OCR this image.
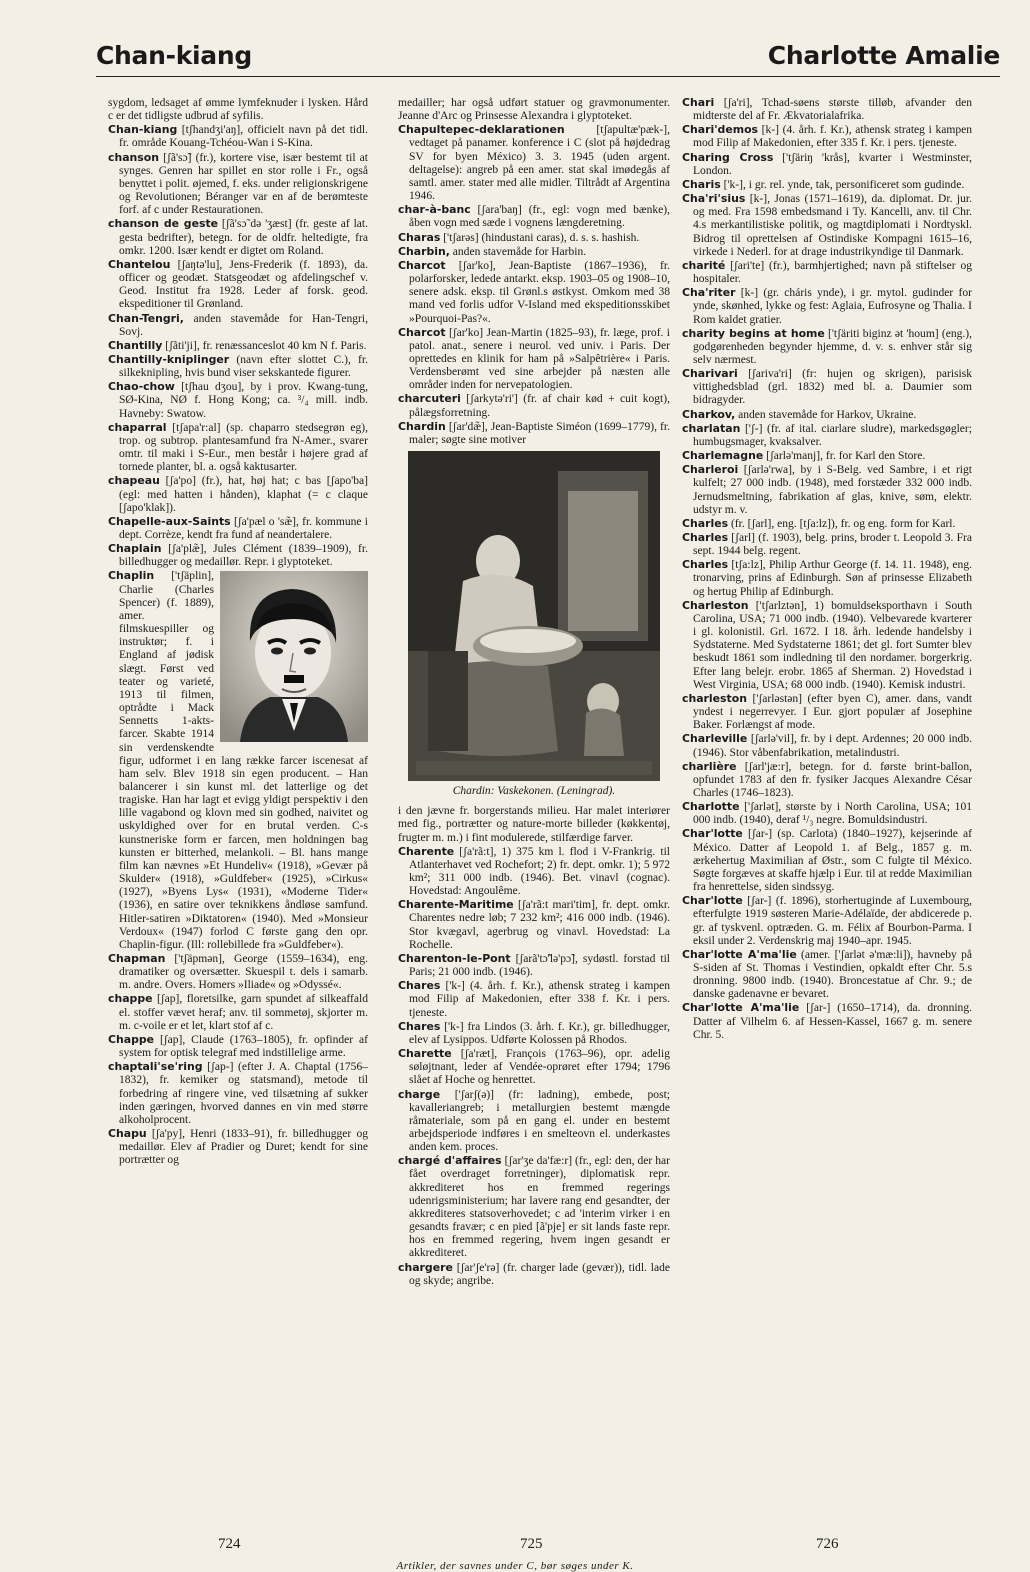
Chan-kiang	Charlotte Amalie

sygdom, ledsaget af ømme lymfeknuder i lysken. Hård c er det tidligste udbrud af syfilis.

Chan-kiang [tʃhandʒi'aŋ], officielt navn på det tidl. fr. område Kouang-Tchéou-Wan i S-Kina.

chanson [ʃã'sɔ̃] (fr.), kortere vise, især bestemt til at synges. Genren har spillet en stor rolle i Fr., også benyttet i polit. øjemed, f. eks. under religionskrigene og Revolutionen; Béranger var en af de berømteste forf. af c under Restaurationen.

chanson de geste [ʃã'sɔ̃ də 'ʒæst] (fr. geste af lat. gesta bedrifter), betegn. for de oldfr. heltedigte, fra omkr. 1200. Især kendt er digtet om Roland.

Chantelou [ʃaŋtə'lu], Jens-Frederik (f. 1893), da. officer og geodæt. Statsgeodæt og afdelingschef v. Geod. Institut fra 1928. Leder af forsk. geod. ekspeditioner til Grønland.

Chan-Tengri, anden stavemåde for Han-Tengri, Sovj.

Chantilly [ʃãti'ji], fr. renæssanceslot 40 km N f. Paris.

Chantilly-kniplinger (navn efter slottet C.), fr. silkeknipling, hvis bund viser sekskantede figurer.

Chao-chow [tʃhau dʒou], by i prov. Kwang-tung, SØ-Kina, NØ f. Hong Kong; ca. ³/₄ mill. indb. Havneby: Swatow.

chaparral [tʃapa'r:al] (sp. chaparro stedsegrøn eg), trop. og subtrop. plantesamfund fra N-Amer., svarer omtr. til maki i S-Eur., men består i højere grad af tornede planter, bl. a. også kaktusarter.

chapeau [ʃa'po] (fr.), hat, høj hat; c bas [ʃapo'ba] (egl: med hatten i hånden), klaphat (= c claque [ʃapo'klak]).

Chapelle-aux-Saints [ʃa'pæl o 'sæ̃], fr. kommune i dept. Corrèze, kendt fra fund af neandertalere.

Chaplain [ʃa'plæ̃], Jules Clément (1839–1909), fr. billedhugger og medaillør. Repr. i glyptoteket.

Chaplin ['tʃäplin], Charlie (Charles Spencer) (f. 1889), amer. filmskuespiller og instruktør; f. i England af jødisk slægt. Først ved teater og varieté, 1913 til filmen, optrådte i Mack Sennetts 1-akts-farcer. Skabte 1914 sin verdenskendte figur, udformet i en lang række farcer iscenesat af ham selv. Blev 1918 sin egen producent. – Han balancerer i sin kunst ml. det latterlige og det tragiske. Han har lagt et evigg yldigt perspektiv i den lille vagabond og klovn med sin godhed, naivitet og uskyldighed over for en brutal verden. C-s kunstneriske form er farcen, men holdningen bag kunsten er bitterhed, melankoli. – Bl. hans mange film kan nævnes »Et Hundeliv« (1918), »Gevær på Skulder« (1918), »Guldfeber« (1925), »Cirkus« (1927), »Byens Lys« (1931), «Moderne Tider« (1936), en satire over teknikkens åndløse samfund. Hitler-satiren »Diktatoren« (1940). Med »Monsieur Verdoux« (1947) forlod C første gang den opr. Chaplin-figur. (Ill: rollebillede fra »Guldfeber«).

Chapman ['tʃäpmən], George (1559–1634), eng. dramatiker og oversætter. Skuespil t. dels i samarb. m. andre. Overs. Homers »Iliade« og »Odyssé«.

chappe [ʃap], floretsilke, garn spundet af silkeaffald el. stoffer vævet heraf; anv. til sommetøj, skjorter m. m. c-voile er et let, klart stof af c.

Chappe [ʃap], Claude (1763–1805), fr. opfinder af system for optisk telegraf med indstillelige arme.

chaptali'se'ring [ʃap-] (efter J. A. Chaptal (1756–1832), fr. kemiker og statsmand), metode til forbedring af ringere vine, ved tilsætning af sukker inden gæringen, hvorved dannes en vin med større alkoholprocent.

Chapu [ʃa'py], Henri (1833–91), fr. billedhugger og medaillør. Elev af Pradier og Duret; kendt for sine portrætter og

medailler; har også udført statuer og gravmonumenter. Jeanne d'Arc og Prinsesse Alexandra i glyptoteket.

Chapultepec-deklarationen [tʃapultæ'pæk-], vedtaget på panamer. konference i C (slot på højdedrag SV for byen México) 3. 3. 1945 (uden argent. deltagelse): angreb på een amer. stat skal imødegås af samtl. amer. stater med alle midler. Tiltrådt af Argentina 1946.

char-à-banc [ʃara'baŋ] (fr., egl: vogn med bænke), åben vogn med sæde i vognens længderetning.

Charas ['tʃarəs] (hindustani caras), d. s. s. hashish.

Charbin, anden stavemåde for Harbin.

Charcot [ʃar'ko], Jean-Baptiste (1867–1936), fr. polarforsker, ledede antarkt. eksp. 1903–05 og 1908–10, senere adsk. eksp. til Grønl.s østkyst. Omkom med 38 mand ved forlis udfor V-Island med ekspeditionsskibet »Pourquoi-Pas?«.

Charcot [ʃar'ko] Jean-Martin (1825–93), fr. læge, prof. i patol. anat., senere i neurol. ved univ. i Paris. Der oprettedes en klinik for ham på »Salpêtrière« i Paris. Verdensberømt ved sine arbejder på næsten alle områder inden for nervepatologien.

charcuteri [ʃarkytə'ri'] (fr. af chair kød + cuit kogt), pålægsforretning.

Chardin [ʃar'dæ̃], Jean-Baptiste Siméon (1699–1779), fr. maler; søgte sine motiver

Chardin: Vaskekonen. (Leningrad).

i den jævne fr. borgerstands milieu. Har malet interiører med fig., portrætter og nature-morte billeder (køkkentøj, frugter m. m.) i fint modulerede, stilfærdige farver.

Charente [ʃa'rã:t], 1) 375 km l. flod i V-Frankrig. til Atlanterhavet ved Rochefort; 2) fr. dept. omkr. 1); 5 972 km²; 311 000 indb. (1946). Bet. vinavl (cognac). Hovedstad: Angoulême.

Charente-Maritime [ʃa'rã:t mari'tim], fr. dept. omkr. Charentes nedre løb; 7 232 km²; 416 000 indb. (1946). Stor kvægavl, agerbrug og vinavl. Hovedstad: La Rochelle.

Charenton-le-Pont [ʃarã'tɔ̃'lə'pɔ̃], sydøstl. forstad til Paris; 21 000 indb. (1946).

Chares ['k-] (4. årh. f. Kr.), athensk strateg i kampen mod Filip af Makedonien, efter 338 f. Kr. i pers. tjeneste.

Chares ['k-] fra Lindos (3. årh. f. Kr.), gr. billedhugger, elev af Lysippos. Udførte Kolossen på Rhodos.

Charette [ʃa'ræt], François (1763–96), opr. adelig søløjtnant, leder af Vendée-oprøret efter 1794; 1796 slået af Hoche og henrettet.

charge ['ʃarʃ(ə)] (fr: ladning), embede, post; kavalleriangreb; i metallurgien bestemt mængde råmateriale, som på en gang el. under en bestemt arbejdsperiode indføres i en smelteovn el. underkastes anden kem. proces.

chargé d'affaires [ʃar'ʒe da'fæ:r] (fr., egl: den, der har fået overdraget forretninger), diplomatisk repr. akkrediteret hos en fremmed regerings udenrigsministerium; har lavere rang end gesandter, der akkrediteres statsoverhovedet; c ad 'interim virker i en gesandts fravær; c en pied [ã'pje] er sit lands faste repr. hos en fremmed regering, hvem ingen gesandt er akkrediteret.

chargere [ʃar'ʃe'rə] (fr. charger lade (gevær)), tidl. lade og skyde; angribe.

Chari [ʃa'ri], Tchad-søens største tilløb, afvander den midterste del af Fr. Ækvatorialafrika.

Chari'demos [k-] (4. årh. f. Kr.), athensk strateg i kampen mod Filip af Makedonien, efter 335 f. Kr. i pers. tjeneste.

Charing Cross ['tʃäriŋ 'krås], kvarter i Westminster, London.

Charis ['k-], i gr. rel. ynde, tak, personificeret som gudinde.

Cha'ri'sius [k-], Jonas (1571–1619), da. diplomat. Dr. jur. og med. Fra 1598 embedsmand i Ty. Kancelli, anv. til Chr. 4.s merkantilistiske politik, og magtdiplomati i Nordtyskl. Bidrog til oprettelsen af Ostindiske Kompagni 1615–16, virkede i Nederl. for at drage industrikyndige til Danmark.

charité [ʃari'te] (fr.), barmhjertighed; navn på stiftelser og hospitaler.

Cha'riter [k-] (gr. cháris ynde), i gr. mytol. gudinder for ynde, skønhed, lykke og fest: Aglaia, Eufrosyne og Thalia. I Rom kaldet gratier.

charity begins at home ['tʃäriti biginz ət 'houm] (eng.), godgørenheden begynder hjemme, d. v. s. enhver står sig selv nærmest.

Charivari [ʃariva'ri] (fr: hujen og skrigen), parisisk vittighedsblad (grl. 1832) med bl. a. Daumier som bidragyder.

Charkov, anden stavemåde for Harkov, Ukraine.

charlatan ['ʃ-] (fr. af ital. ciarlare sludre), markedsgøgler; humbugsmager, kvaksalver.

Charlemagne [ʃarlə'manj], fr. for Karl den Store.

Charleroi [ʃarlə'rwa], by i S-Belg. ved Sambre, i et rigt kulfelt; 27 000 indb. (1948), med forstæder 332 000 indb. Jernudsmeltning, fabrikation af glas, knive, søm, elektr. udstyr m. v.

Charles (fr. [ʃarl], eng. [tʃa:lz]), fr. og eng. form for Karl.

Charles [ʃarl] (f. 1903), belg. prins, broder t. Leopold 3. Fra sept. 1944 belg. regent.

Charles [tʃa:lz], Philip Arthur George (f. 14. 11. 1948), eng. tronarving, prins af Edinburgh. Søn af prinsesse Elizabeth og hertug Philip af Edinburgh.

Charleston ['tʃarlztən], 1) bomuldseksporthavn i South Carolina, USA; 71 000 indb. (1940). Velbevarede kvarterer i gl. kolonistil. Grl. 1672. I 18. årh. ledende handelsby i Sydstaterne. Med Sydstaterne 1861; det gl. fort Sumter blev beskudt 1861 som indledning til den nordamer. borgerkrig. Efter lang belejr. erobr. 1865 af Sherman. 2) Hovedstad i West Virginia, USA; 68 000 indb. (1940). Kemisk industri.

charleston ['ʃarləstən] (efter byen C), amer. dans, vandt yndest i negerrevyer. I Eur. gjort populær af Josephine Baker. Forlængst af mode.

Charleville [ʃarlə'vil], fr. by i dept. Ardennes; 20 000 indb. (1946). Stor våbenfabrikation, metalindustri.

charlière [ʃarl'jæ:r], betegn. for d. første brint-ballon, opfundet 1783 af den fr. fysiker Jacques Alexandre César Charles (1746–1823).

Charlotte ['ʃarlət], største by i North Carolina, USA; 101 000 indb. (1940), deraf ¹/₃ negre. Bomuldsindustri.

Char'lotte [ʃar-] (sp. Carlota) (1840–1927), kejserinde af México. Datter af Leopold 1. af Belg., 1857 g. m. ærkehertug Maximilian af Østr., som C fulgte til México. Søgte forgæves at skaffe hjælp i Eur. til at redde Maximilian fra henrettelse, siden sindssyg.

Char'lotte [ʃar-] (f. 1896), storhertuginde af Luxembourg, efterfulgte 1919 søsteren Marie-Adélaïde, der abdicerede p. gr. af tyskvenl. optræden. G. m. Félix af Bourbon-Parma. I eksil under 2. Verdenskrig maj 1940–apr. 1945.

Char'lotte A'ma'lie (amer. ['ʃarlət ə'mæ:li]), havneby på S-siden af St. Thomas i Vestindien, opkaldt efter Chr. 5.s dronning. 9800 indb. (1940). Broncestatue af Chr. 9.; de danske gadenavne er bevaret.

Char'lotte A'ma'lie [ʃar-] (1650–1714), da. dronning. Datter af Vilhelm 6. af Hessen-Kassel, 1667 g. m. senere Chr. 5.

724	725	726
Artikler, der savnes under C, bør søges under K.
